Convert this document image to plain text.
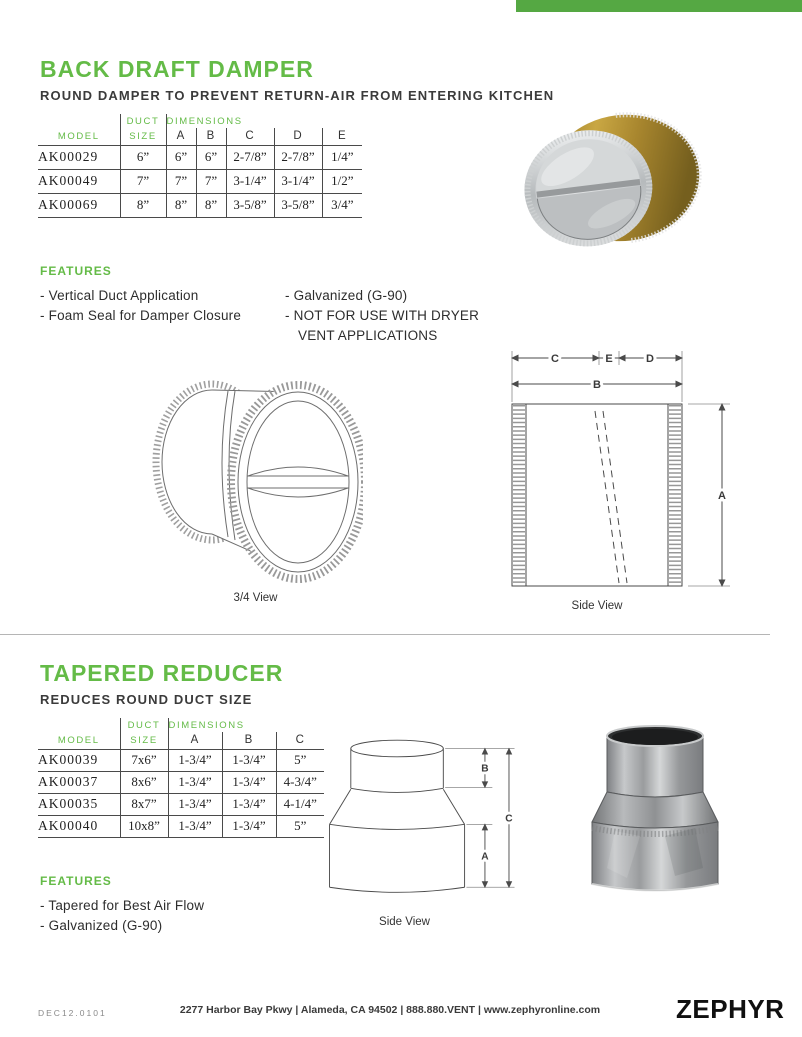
BACK DRAFT DAMPER
ROUND DAMPER TO PREVENT RETURN-AIR FROM ENTERING KITCHEN
	DUCT	DIMENSIONS				
MODEL	SIZE	A	B	C	D	E
AK00029	6”	6”	6”	2-7/8”	2-7/8”	1/4”
AK00049	7”	7”	7”	3-1/4”	3-1/4”	1/2”
AK00069	8”	8”	8”	3-5/8”	3-5/8”	3/4”
FEATURES
- Vertical Duct Application
- Foam Seal for Damper Closure
- Galvanized (G-90)
- NOT FOR USE WITH DRYER
VENT APPLICATIONS
3/4 View
C	E	D
B
A
Side View
TAPERED REDUCER
REDUCES ROUND DUCT SIZE
	DUCT	DIMENSIONS		
MODEL	SIZE	A	B	C
AK00039	7x6”	1-3/4”	1-3/4”	5”
AK00037	8x6”	1-3/4”	1-3/4”	4-3/4”
AK00035	8x7”	1-3/4”	1-3/4”	4-1/4”
AK00040	10x8”	1-3/4”	1-3/4”	5”
B
C
A
Side View
FEATURES
- Tapered for Best Air Flow
- Galvanized (G-90)
DEC12.0101	2277 Harbor Bay Pkwy | Alameda, CA 94502 | 888.880.VENT | www.zephyronline.com	ZEPHYR
